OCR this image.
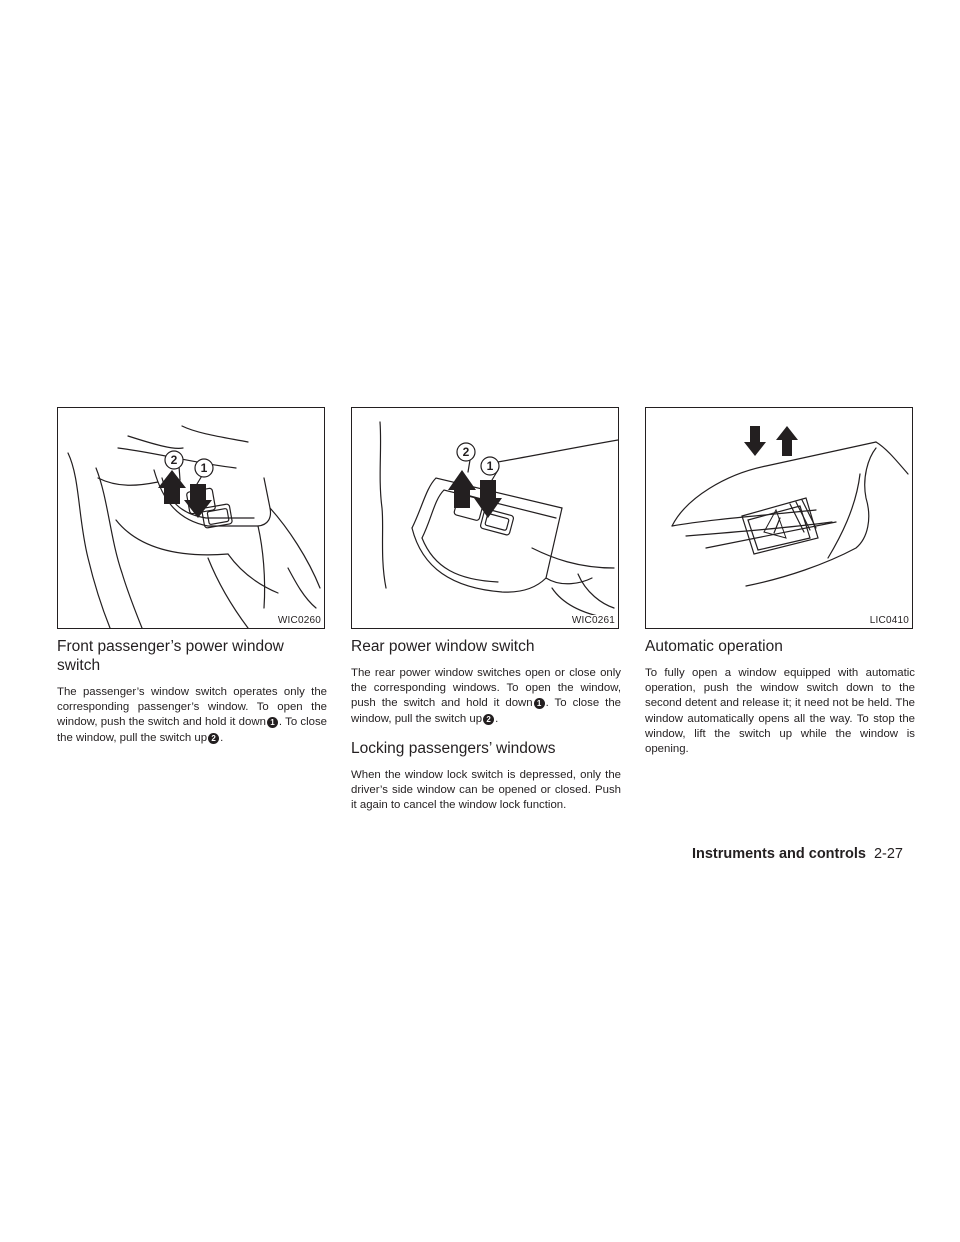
2
1
WIC0260
2
1
WIC0261	LIC0410
Front passenger’s power window switch

The passenger’s window switch operates only the corresponding passenger’s window. To open the window, push the switch and hold it down 1 . To close the window, pull the switch up 2 .

Rear power window switch

The rear power window switches open or close only the corresponding windows. To open the window, push the switch and hold it down 1 . To close the window, pull the switch up 2 .

Locking passengers’ windows

When the window lock switch is depressed, only the driver’s side window can be opened or closed. Push it again to cancel the window lock function.

Automatic operation

To fully open a window equipped with automatic operation, push the window switch down to the second detent and release it; it need not be held. The window automatically opens all the way. To stop the window, lift the switch up while the window is opening.

Instruments and controls 2-27
